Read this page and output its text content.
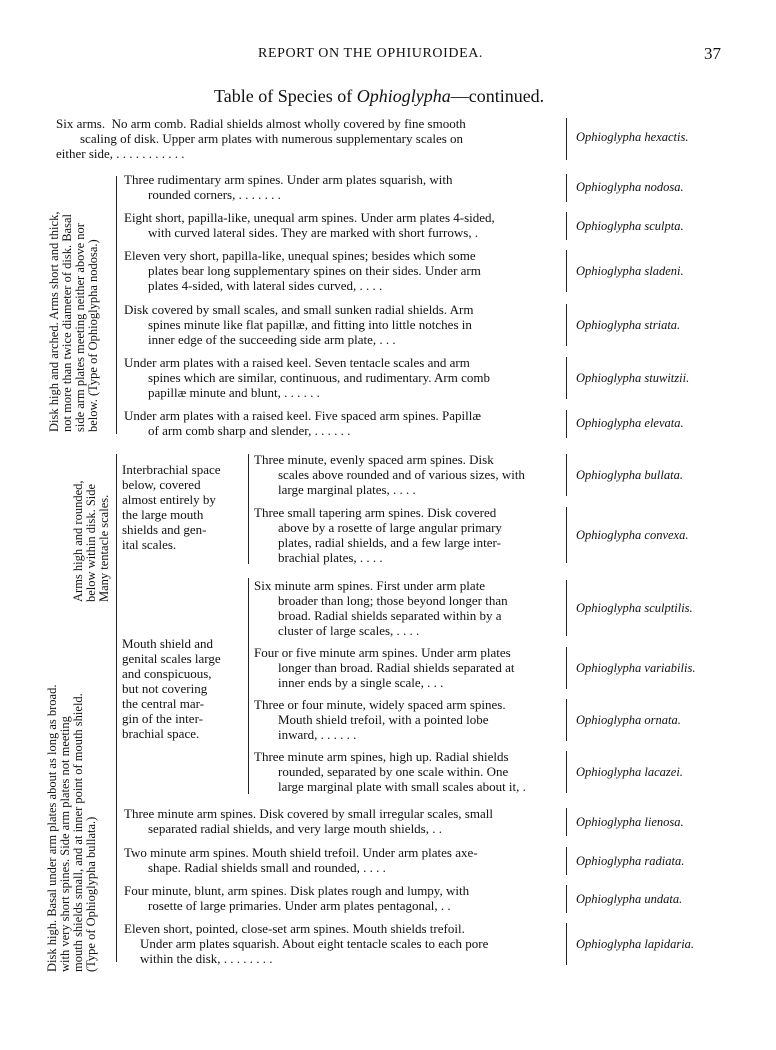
REPORT ON THE OPHIUROIDEA.	37
Table of Species of Ophioglypha—continued.
Six arms. No arm comb. Radial shields almost wholly covered by fine smooth
scaling of disk. Upper arm plates with numerous supplementary scales on
either side, . . . . . . . . . . .
Ophioglypha hexactis.
Disk high and arched. Arms short and thick, not more than twice diameter of disk. Basal side arm plates meeting neither above nor below. (Type of Ophioglypha nodosa.)
Three rudimentary arm spines. Under arm plates squarish, with
rounded corners, . . . . . . .	Ophioglypha nodosa.
Eight short, papilla-like, unequal arm spines. Under arm plates 4-sided,
with curved lateral sides. They are marked with short furrows, .	Ophioglypha sculpta.
Eleven very short, papilla-like, unequal spines; besides which some
plates bear long supplementary spines on their sides. Under arm
plates 4-sided, with lateral sides curved, . . . .
Ophioglypha sladeni.
Disk covered by small scales, and small sunken radial shields. Arm
spines minute like flat papillæ, and fitting into little notches in
inner edge of the succeeding side arm plate, . . .
Ophioglypha striata.
Under arm plates with a raised keel. Seven tentacle scales and arm
spines which are similar, continuous, and rudimentary. Arm comb
papillæ minute and blunt, . . . . . .
Ophioglypha stuwitzii.
Under arm plates with a raised keel. Five spaced arm spines. Papillæ
of arm comb sharp and slender, . . . . . .	Ophioglypha elevata.
Disk high. Basal under arm plates about as long as broad. with very short spines. Side arm plates not meeting mouth shields small, and at inner point of mouth shield. (Type of Ophioglypha bullata.)
Arms high and rounded, below within disk. Side Many tentacle scales.
Interbrachial space
below, covered
almost entirely by
the large mouth
shields and gen-
ital scales.
Three minute, evenly spaced arm spines. Disk
scales above rounded and of various sizes, with
large marginal plates, . . . .
Ophioglypha bullata.
Three small tapering arm spines. Disk covered
above by a rosette of large angular primary
plates, radial shields, and a few large inter-
brachial plates, . . . .
Ophioglypha convexa.
Mouth shield and
genital scales large
and conspicuous,
but not covering
the central mar-
gin of the inter-
brachial space.
Six minute arm spines. First under arm plate
broader than long; those beyond longer than
broad. Radial shields separated within by a
cluster of large scales, . . . .
Ophioglypha sculptilis.
Four or five minute arm spines. Under arm plates
longer than broad. Radial shields separated at
inner ends by a single scale, . . .
Ophioglypha variabilis.
Three or four minute, widely spaced arm spines.
Mouth shield trefoil, with a pointed lobe
inward, . . . . . .
Ophioglypha ornata.
Three minute arm spines, high up. Radial shields
rounded, separated by one scale within. One
large marginal plate with small scales about it, .
Ophioglypha lacazei.
Three minute arm spines. Disk covered by small irregular scales, small
separated radial shields, and very large mouth shields, . .	Ophioglypha lienosa.
Two minute arm spines. Mouth shield trefoil. Under arm plates axe-
shape. Radial shields small and rounded, . . . .	Ophioglypha radiata.
Four minute, blunt, arm spines. Disk plates rough and lumpy, with
rosette of large primaries. Under arm plates pentagonal, . .	Ophioglypha undata.
Eleven short, pointed, close-set arm spines. Mouth shields trefoil.
Under arm plates squarish. About eight tentacle scales to each pore
within the disk, . . . . . . . .
Ophioglypha lapidaria.
